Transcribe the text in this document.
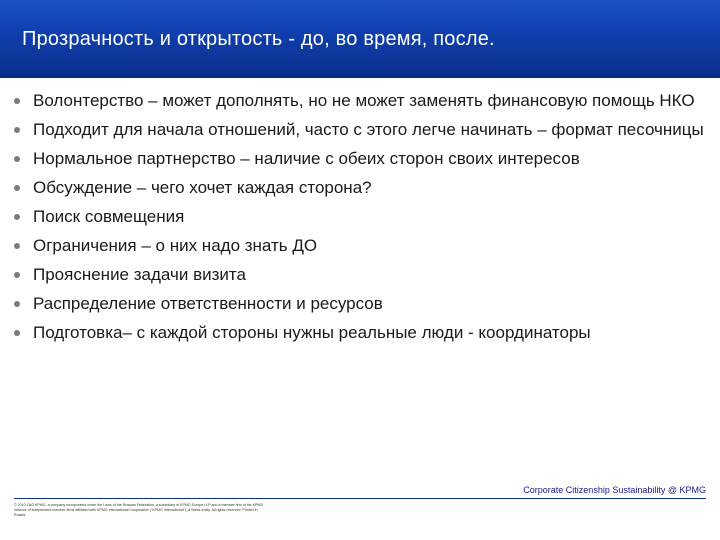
Прозрачность и открытость - до, во время, после.
Волонтерство – может дополнять, но не может заменять финансовую помощь НКО
Подходит для начала отношений, часто с этого легче начинать – формат песочницы
Нормальное партнерство – наличие с обеих сторон своих интересов
Обсуждение – чего хочет каждая сторона?
Поиск совмещения
Ограничения – о них надо знать ДО
Прояснение задачи визита
Распределение ответственности и ресурсов
Подготовка– с каждой стороны нужны реальные люди - координаторы
Corporate Citizenship Sustainability @ KPMG
© 2010 ZAO KPMG, a company incorporated under the Laws of the Russian Federation, a subsidiary of KPMG Europe LLP and a member firm of the KPMG network of independent member firms affiliated with KPMG International Cooperative ("KPMG International"), a Swiss entity. All rights reserved. Printed in Russia.
